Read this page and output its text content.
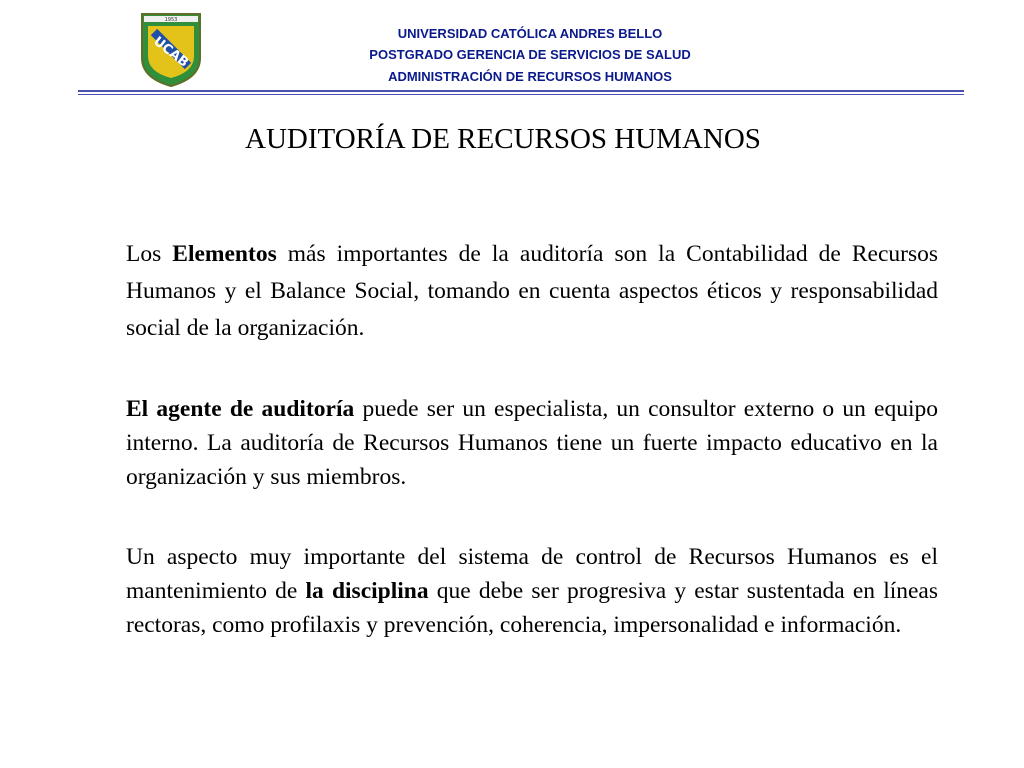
1953
UCAB
UNIVERSIDAD CATÓLICA ANDRES BELLO
POSTGRADO GERENCIA DE SERVICIOS DE SALUD
ADMINISTRACIÓN DE RECURSOS HUMANOS
AUDITORÍA DE RECURSOS HUMANOS

Los Elementos más importantes de la auditoría son la Contabilidad de Recursos Humanos y el Balance Social, tomando en cuenta aspectos éticos y responsabilidad social de la organización.

El agente de auditoría puede ser un especialista, un consultor externo o un equipo interno. La auditoría de Recursos Humanos tiene un fuerte impacto educativo en la organización y sus miembros.

Un aspecto muy importante del sistema de control de Recursos Humanos es el mantenimiento de la disciplina que debe ser progresiva y estar sustentada en líneas rectoras, como profilaxis y prevención, coherencia, impersonalidad e información.
